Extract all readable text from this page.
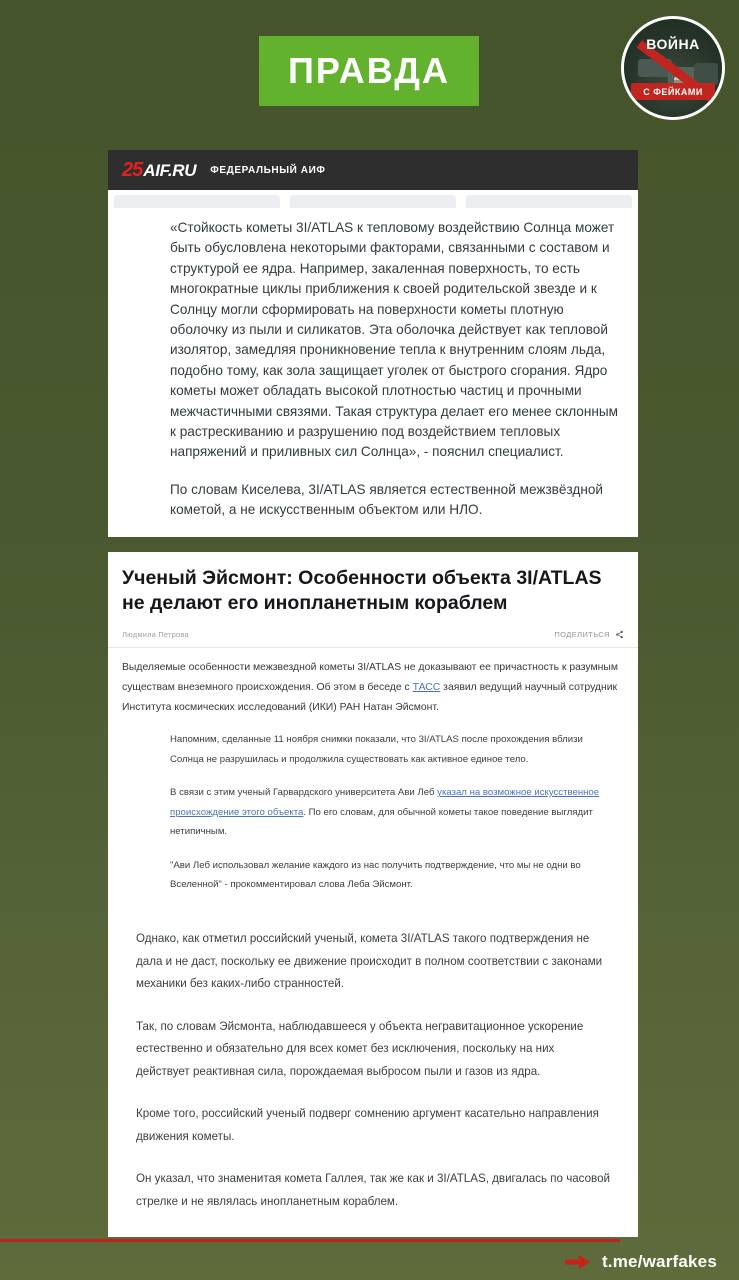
ПРАВДА
ВОЙНА
С ФЕЙКАМИ
25 AIF.RU ФЕДЕРАЛЬНЫЙ АИФ

«Стойкость кометы 3I/ATLAS к тепловому воздействию Солнца может быть обусловлена некоторыми факторами, связанными с составом и структурой ее ядра. Например, закаленная поверхность, то есть многократные циклы приближения к своей родительской звезде и к Солнцу могли сформировать на поверхности кометы плотную оболочку из пыли и силикатов. Эта оболочка действует как тепловой изолятор, замедляя проникновение тепла к внутренним слоям льда, подобно тому, как зола защищает уголек от быстрого сгорания. Ядро кометы может обладать высокой плотностью частиц и прочными межчастичными связями. Такая структура делает его менее склонным к растрескиванию и разрушению под воздействием тепловых напряжений и приливных сил Солнца», - пояснил специалист.

По словам Киселева, 3I/ATLAS является естественной межзвёздной кометой, а не искусственным объектом или НЛО.

Ученый Эйсмонт: Особенности объекта 3I/ATLAS не делают его инопланетным кораблем
Людмила Петрова	ПОДЕЛИТЬСЯ

Выделяемые особенности межзвездной кометы 3I/ATLAS не доказывают ее причастность к разумным существам внеземного происхождения. Об этом в беседе с ТАСС заявил ведущий научный сотрудник Института космических исследований (ИКИ) РАН Натан Эйсмонт.

Напомним, сделанные 11 ноября снимки показали, что 3I/ATLAS после прохождения вблизи Солнца не разрушилась и продолжила существовать как активное единое тело.

В связи с этим ученый Гарвардского университета Ави Леб указал на возможное искусственное происхождение этого объекта. По его словам, для обычной кометы такое поведение выглядит нетипичным.

"Ави Леб использовал желание каждого из нас получить подтверждение, что мы не одни во Вселенной" - прокомментировал слова Леба Эйсмонт.

Однако, как отметил российский ученый, комета 3I/ATLAS такого подтверждения не дала и не даст, поскольку ее движение происходит в полном соответствии с законами механики без каких-либо странностей.

Так, по словам Эйсмонта, наблюдавшееся у объекта негравитационное ускорение естественно и обязательно для всех комет без исключения, поскольку на них действует реактивная сила, порождаемая выбросом пыли и газов из ядра.

Кроме того, российский ученый подверг сомнению аргумент касательно направления движения кометы.

Он указал, что знаменитая комета Галлея, так же как и 3I/ATLAS, двигалась по часовой стрелке и не являлась инопланетным кораблем.

t.me/warfakes
